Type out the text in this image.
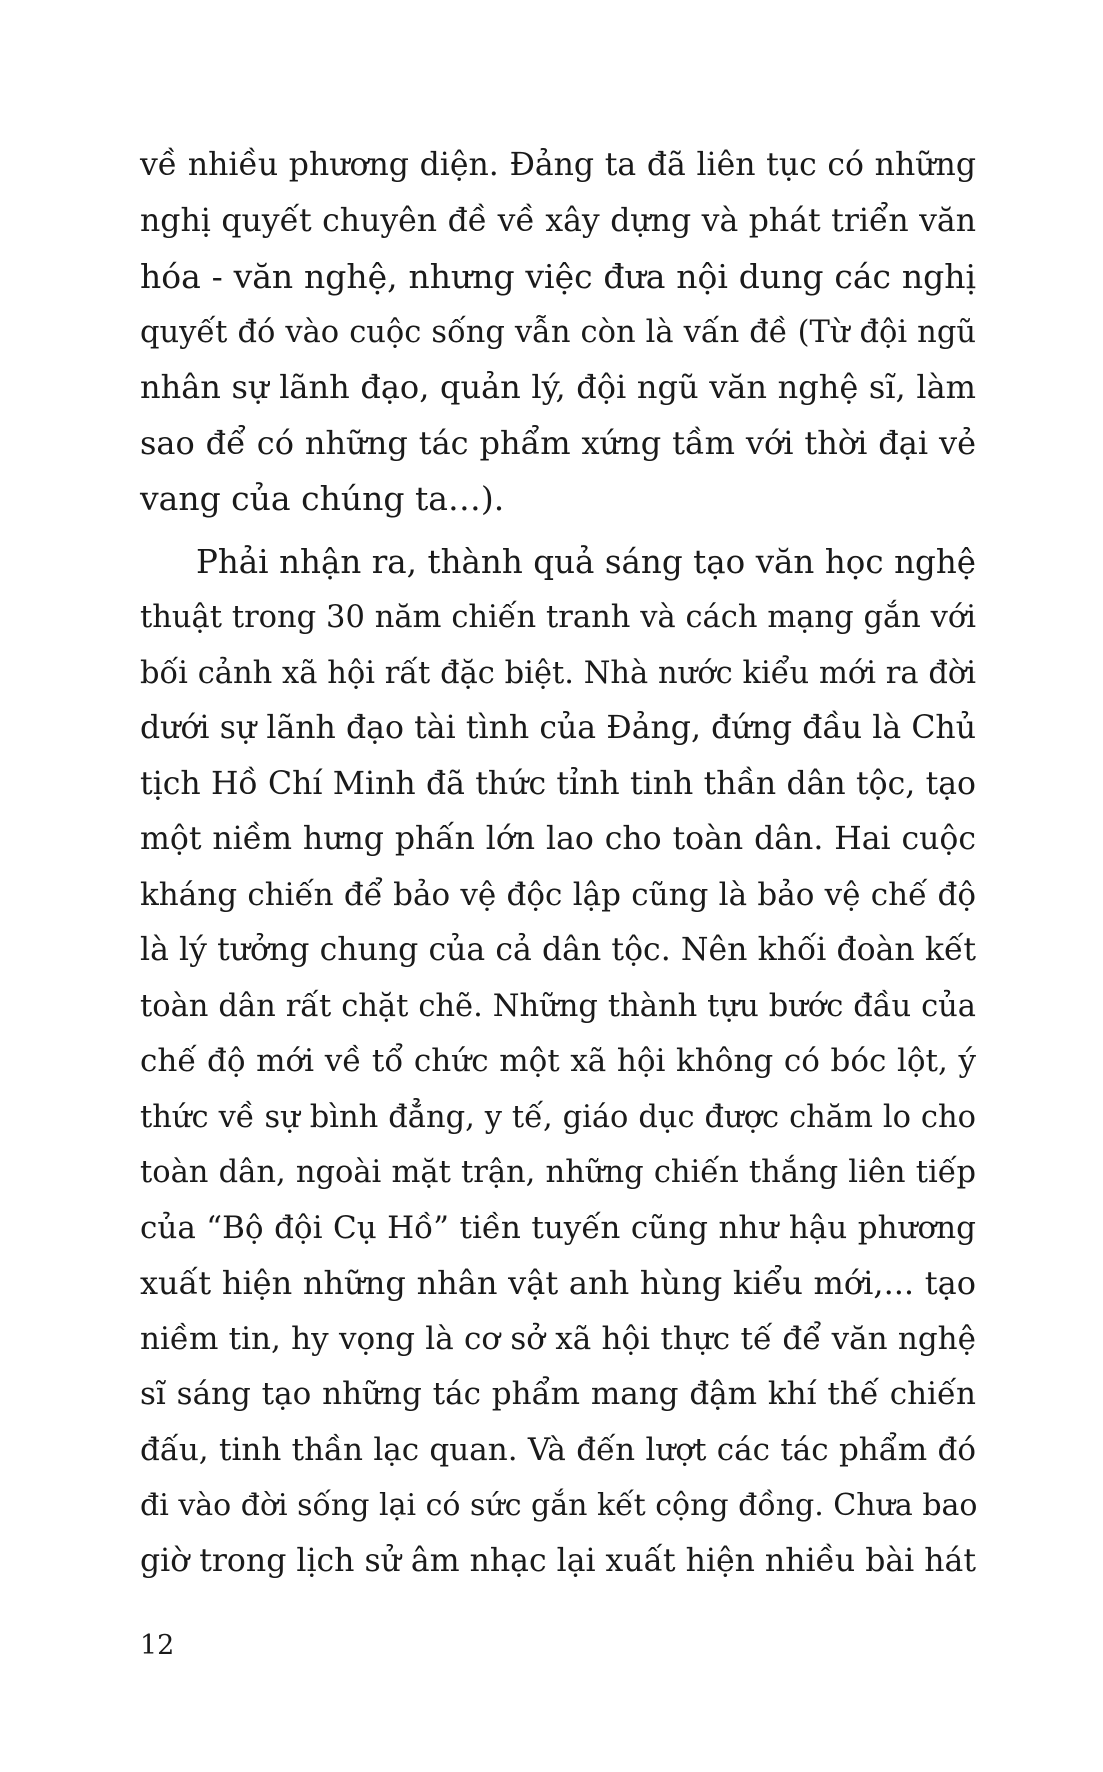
về nhiều phương diện. Đảng ta đã liên tục có những
nghị quyết chuyên đề về xây dựng và phát triển văn
hóa - văn nghệ, nhưng việc đưa nội dung các nghị
quyết đó vào cuộc sống vẫn còn là vấn đề (Từ đội ngũ
nhân sự lãnh đạo, quản lý, đội ngũ văn nghệ sĩ, làm
sao để có những tác phẩm xứng tầm với thời đại vẻ
vang của chúng ta…).
Phải nhận ra, thành quả sáng tạo văn học nghệ
thuật trong 30 năm chiến tranh và cách mạng gắn với
bối cảnh xã hội rất đặc biệt. Nhà nước kiểu mới ra đời
dưới sự lãnh đạo tài tình của Đảng, đứng đầu là Chủ
tịch Hồ Chí Minh đã thức tỉnh tinh thần dân tộc, tạo
một niềm hưng phấn lớn lao cho toàn dân. Hai cuộc
kháng chiến để bảo vệ độc lập cũng là bảo vệ chế độ
là lý tưởng chung của cả dân tộc. Nên khối đoàn kết
toàn dân rất chặt chẽ. Những thành tựu bước đầu của
chế độ mới về tổ chức một xã hội không có bóc lột, ý
thức về sự bình đẳng, y tế, giáo dục được chăm lo cho
toàn dân, ngoài mặt trận, những chiến thắng liên tiếp
của “Bộ đội Cụ Hồ” tiền tuyến cũng như hậu phương
xuất hiện những nhân vật anh hùng kiểu mới,... tạo
niềm tin, hy vọng là cơ sở xã hội thực tế để văn nghệ
sĩ sáng tạo những tác phẩm mang đậm khí thế chiến
đấu, tinh thần lạc quan. Và đến lượt các tác phẩm đó
đi vào đời sống lại có sức gắn kết cộng đồng. Chưa bao
giờ trong lịch sử âm nhạc lại xuất hiện nhiều bài hát
12
